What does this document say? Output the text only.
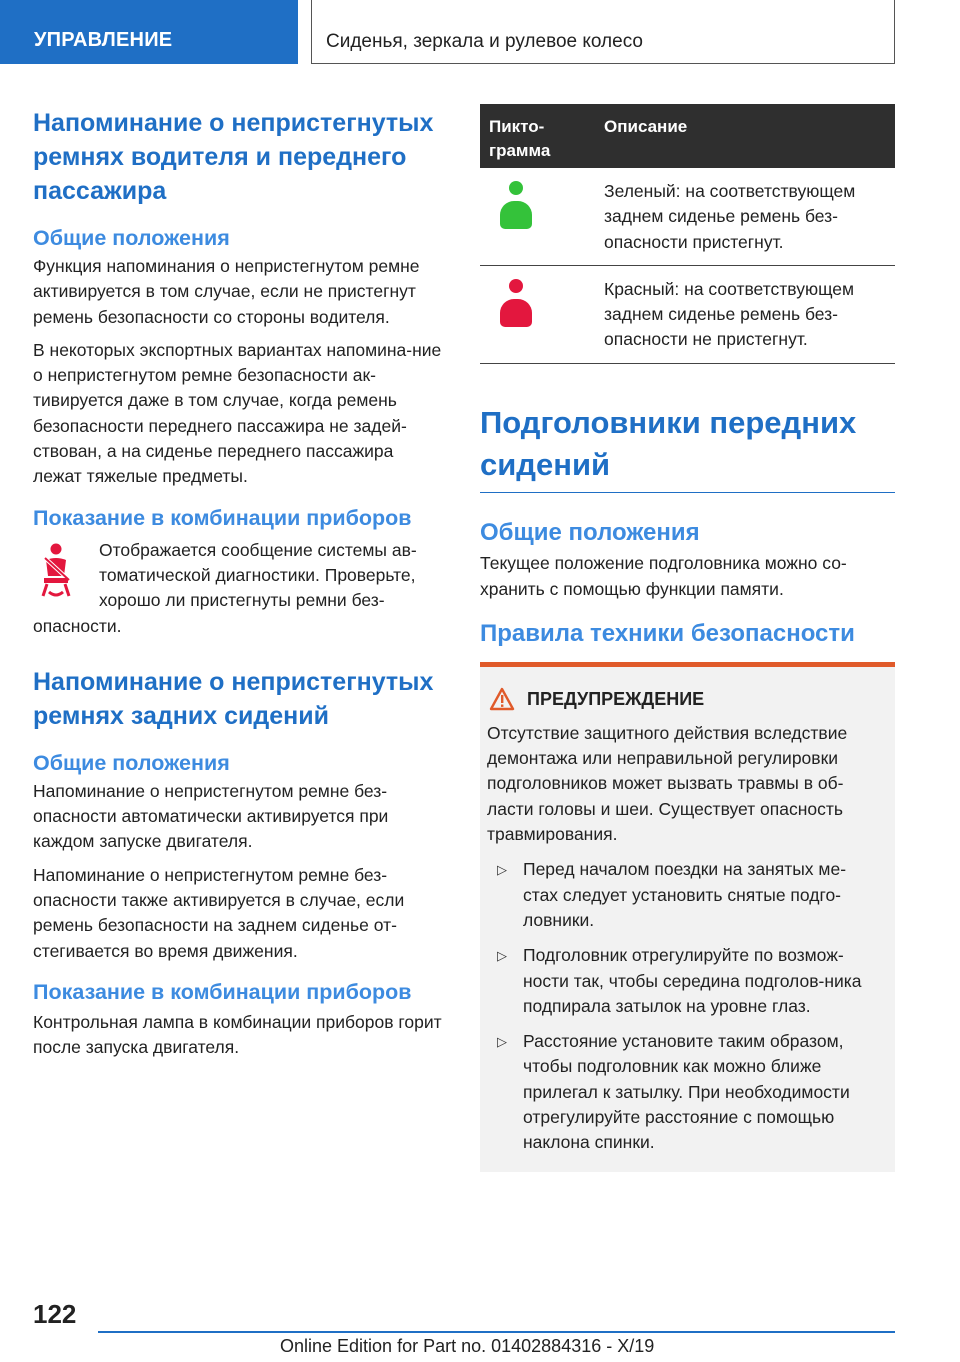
УПРАВЛЕНИЕ	Сиденья, зеркала и рулевое колесо
Напоминание о непристегнутых ремнях водителя и переднего пассажира
Общие положения

Функция напоминания о непристегнутом ремне активируется в том случае, если не пристегнут ремень безопасности со стороны водителя.

В некоторых экспортных вариантах напомина-ние о непристегнутом ремне безопасности ак-тивируется даже в том случае, когда ремень безопасности переднего пассажира не задей-ствован, а на сиденье переднего пассажира лежат тяжелые предметы.

Показание в комбинации приборов

Отображается сообщение системы ав-томатической диагностики. Проверьте, хорошо ли пристегнуты ремни без-

опасности.

Напоминание о непристегнутых ремнях задних сидений
Общие положения

Напоминание о непристегнутом ремне без-опасности автоматически активируется при каждом запуске двигателя.

Напоминание о непристегнутом ремне без-опасности также активируется в случае, если ремень безопасности на заднем сиденье от-стегивается во время движения.

Показание в комбинации приборов

Контрольная лампа в комбинации приборов горит после запуска двигателя.

Пикто-грамма
Описание
Зеленый: на соответствующем заднем сиденье ремень без-опасности пристегнут.
Красный: на соответствующем заднем сиденье ремень без-опасности не пристегнут.
Подголовники передних сидений
Общие положения

Текущее положение подголовника можно со-хранить с помощью функции памяти.

Правила техники безопасности
ПРЕДУПРЕЖДЕНИЕ

Отсутствие защитного действия вследствие демонтажа или неправильной регулировки подголовников может вызвать травмы в об-ласти головы и шеи. Существует опасность травмирования.

▷ Перед началом поездки на занятых ме-стах следует установить снятые подго-ловники.

▷ Подголовник отрегулируйте по возмож-ности так, чтобы середина подголов-ника подпирала затылок на уровне глаз.

▷ Расстояние установите таким образом, чтобы подголовник как можно ближе прилегал к затылку. При необходимости отрегулируйте расстояние с помощью наклона спинки.

122
Online Edition for Part no. 01402884316 - X/19
